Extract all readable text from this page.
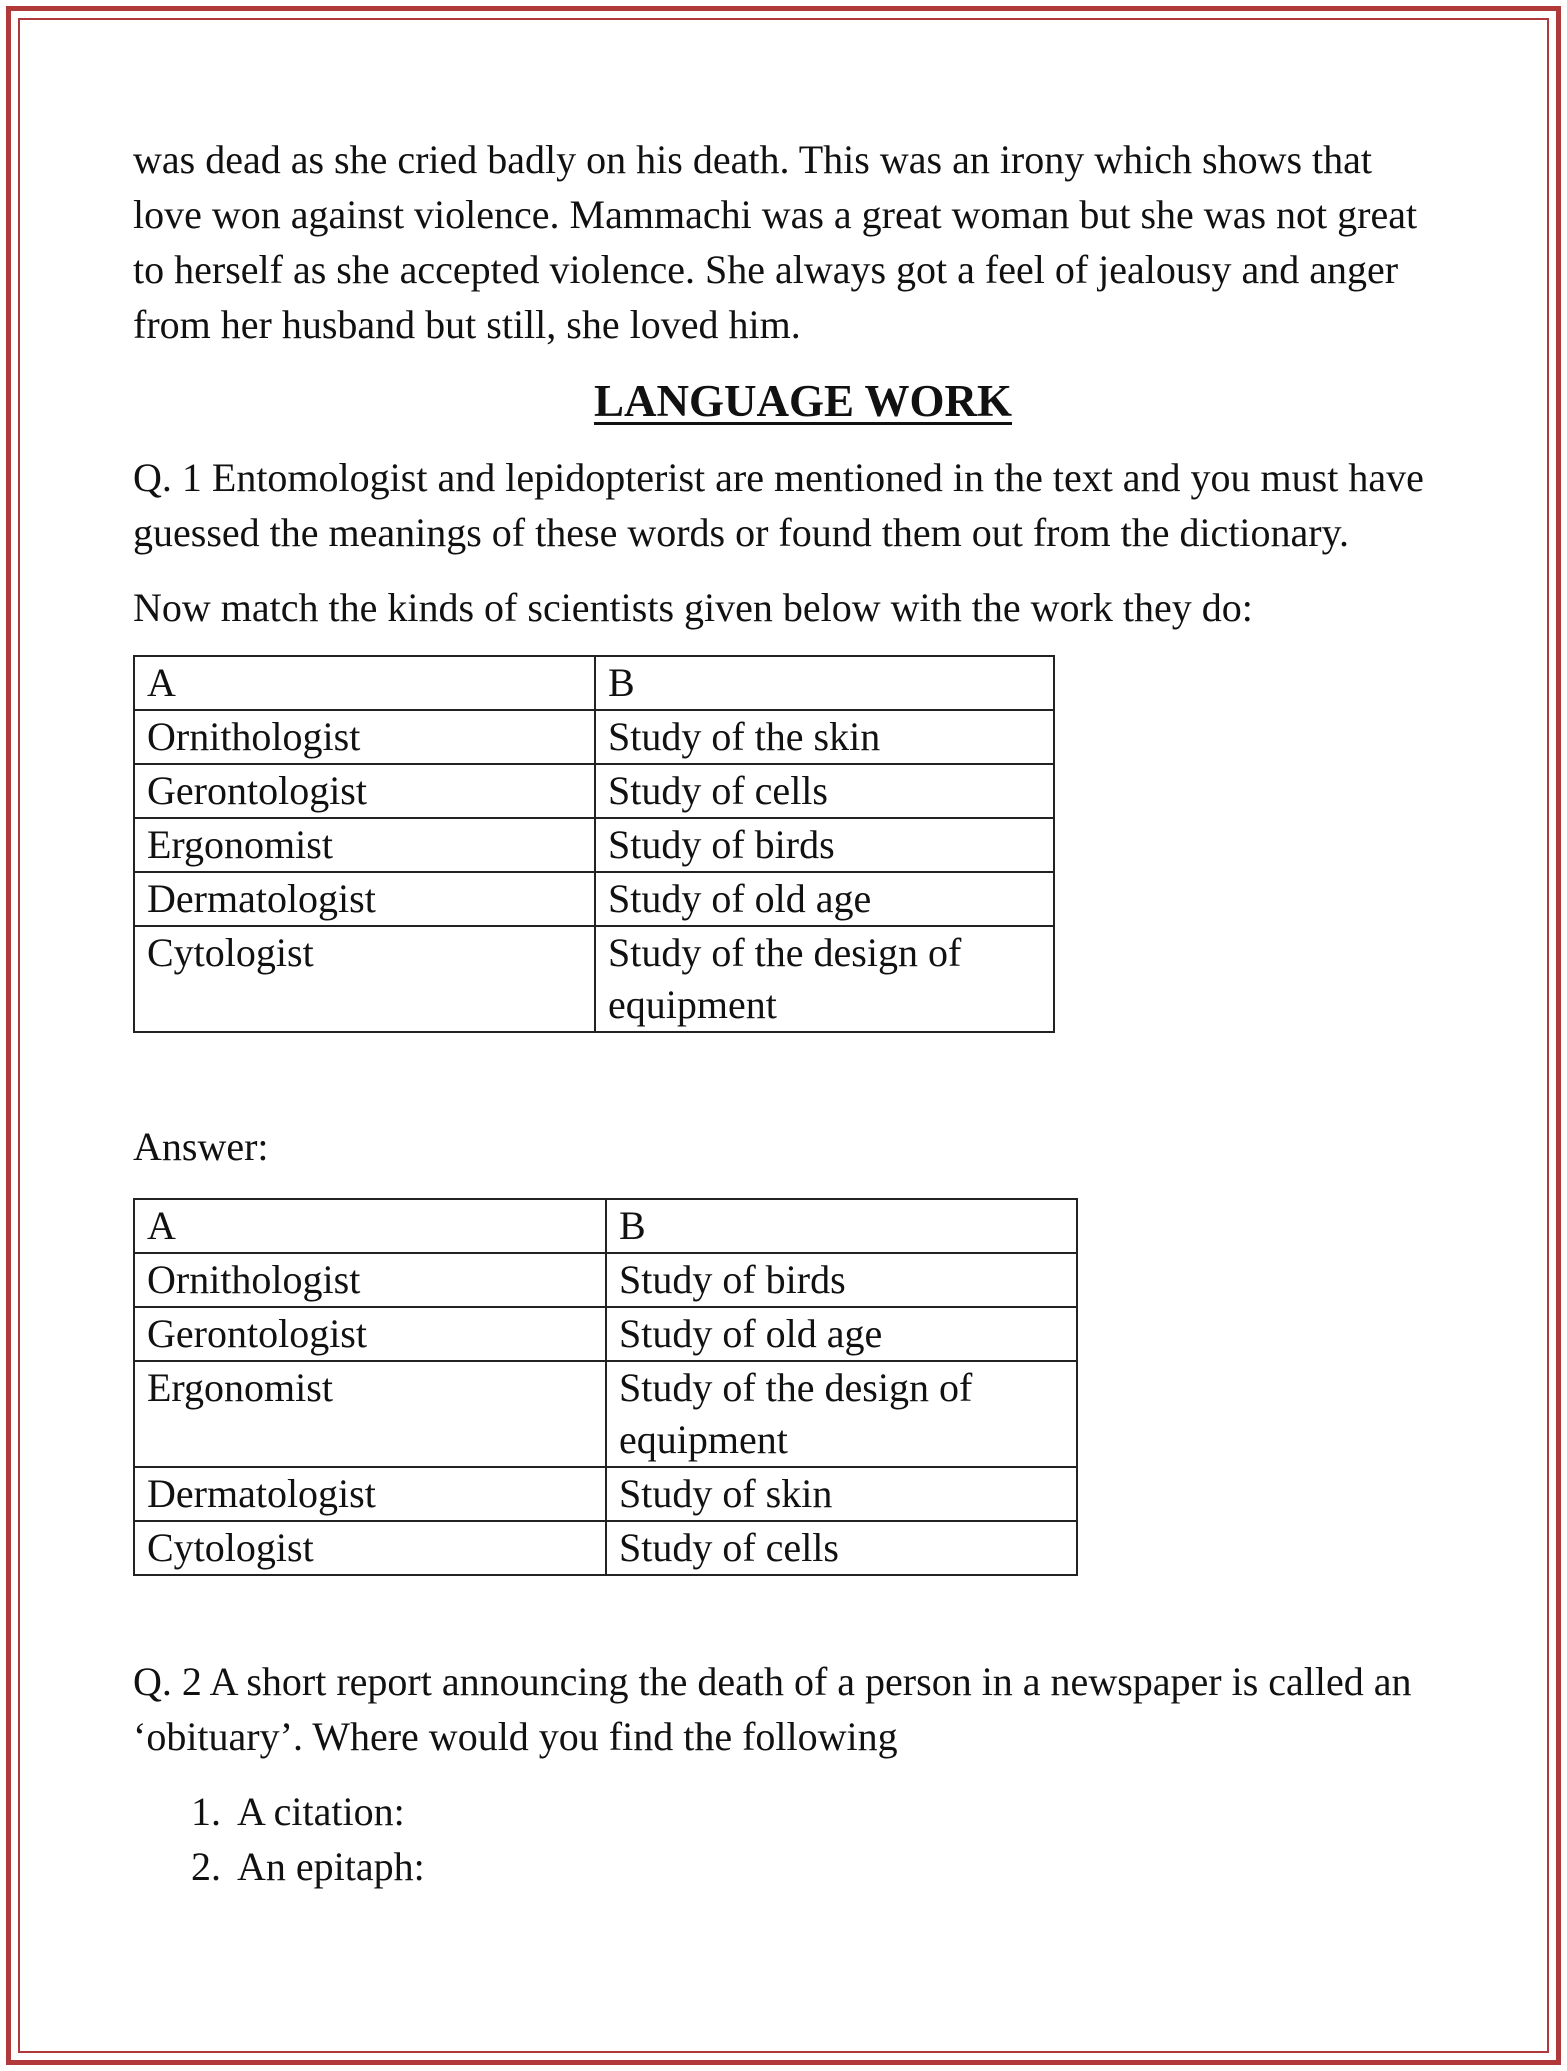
was dead as she cried badly on his death. This was an irony which shows that love won against violence. Mammachi was a great woman but she was not great to herself as she accepted violence. She always got a feel of jealousy and anger from her husband but still, she loved him.

LANGUAGE WORK

Q. 1 Entomologist and lepidopterist are mentioned in the text and you must have guessed the meanings of these words or found them out from the dictionary.

Now match the kinds of scientists given below with the work they do:

A	B
Ornithologist	Study of the skin
Gerontologist	Study of cells
Ergonomist	Study of birds
Dermatologist	Study of old age
Cytologist	Study of the design of equipment

Answer:

A	B
Ornithologist	Study of birds
Gerontologist	Study of old age
Ergonomist	Study of the design of equipment
Dermatologist	Study of skin
Cytologist	Study of cells

Q. 2 A short report announcing the death of a person in a newspaper is called an ‘obituary’. Where would you find the following

1. A citation:
2. An epitaph:
